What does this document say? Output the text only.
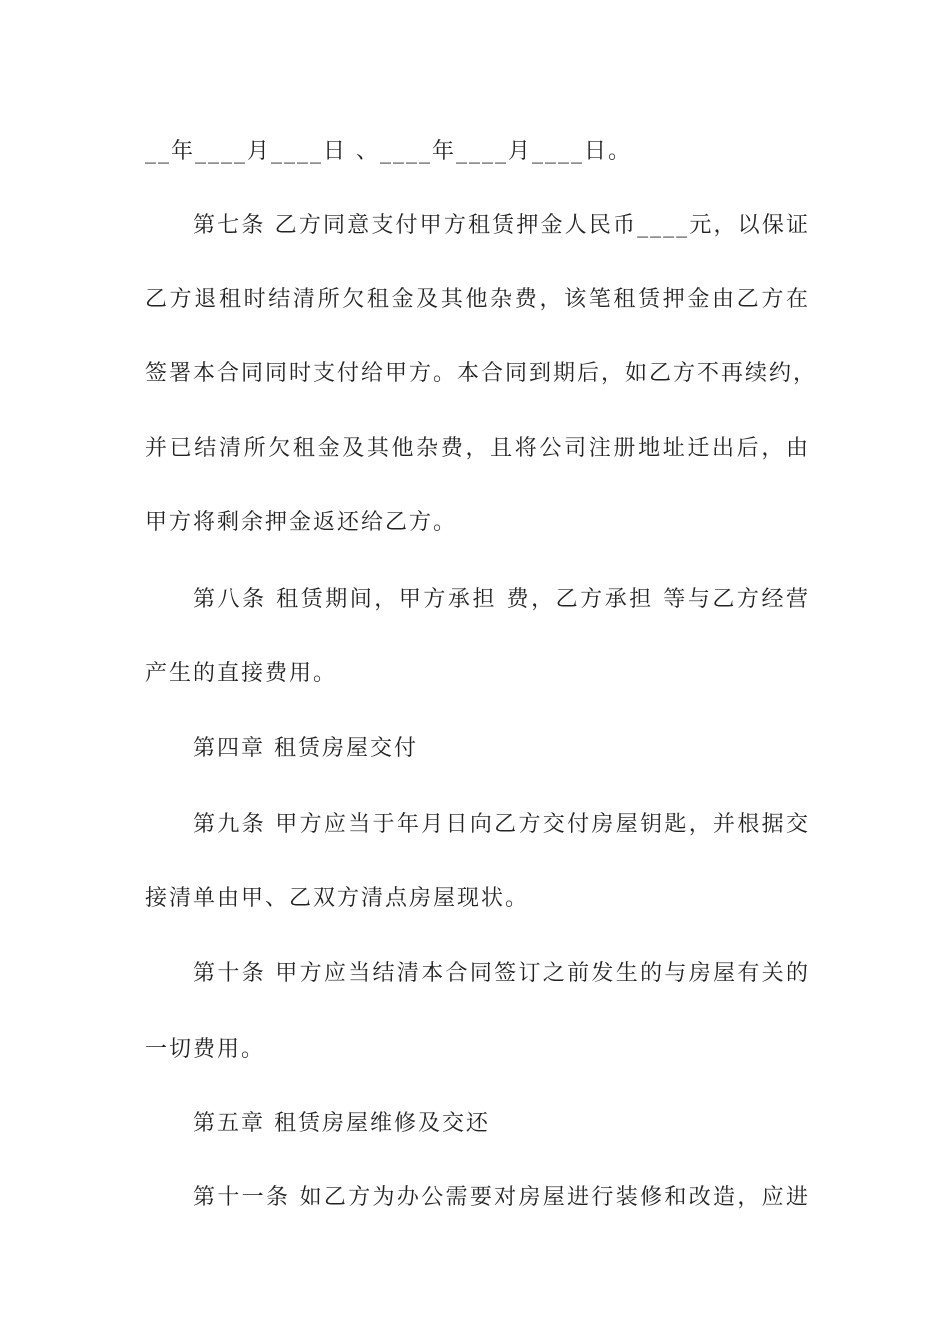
__年____月____日 、____年____月____日。
第七条 乙方同意支付甲方租赁押金人民币____元，以保证
乙方退租时结清所欠租金及其他杂费，该笔租赁押金由乙方在
签署本合同同时支付给甲方。本合同到期后，如乙方不再续约，
并已结清所欠租金及其他杂费，且将公司注册地址迁出后，由
甲方将剩余押金返还给乙方。
第八条 租赁期间，甲方承担 费，乙方承担 等与乙方经营
产生的直接费用。
第四章 租赁房屋交付
第九条 甲方应当于年月日向乙方交付房屋钥匙，并根据交
接清单由甲、乙双方清点房屋现状。
第十条 甲方应当结清本合同签订之前发生的与房屋有关的
一切费用。
第五章 租赁房屋维修及交还
第十一条 如乙方为办公需要对房屋进行装修和改造，应进
